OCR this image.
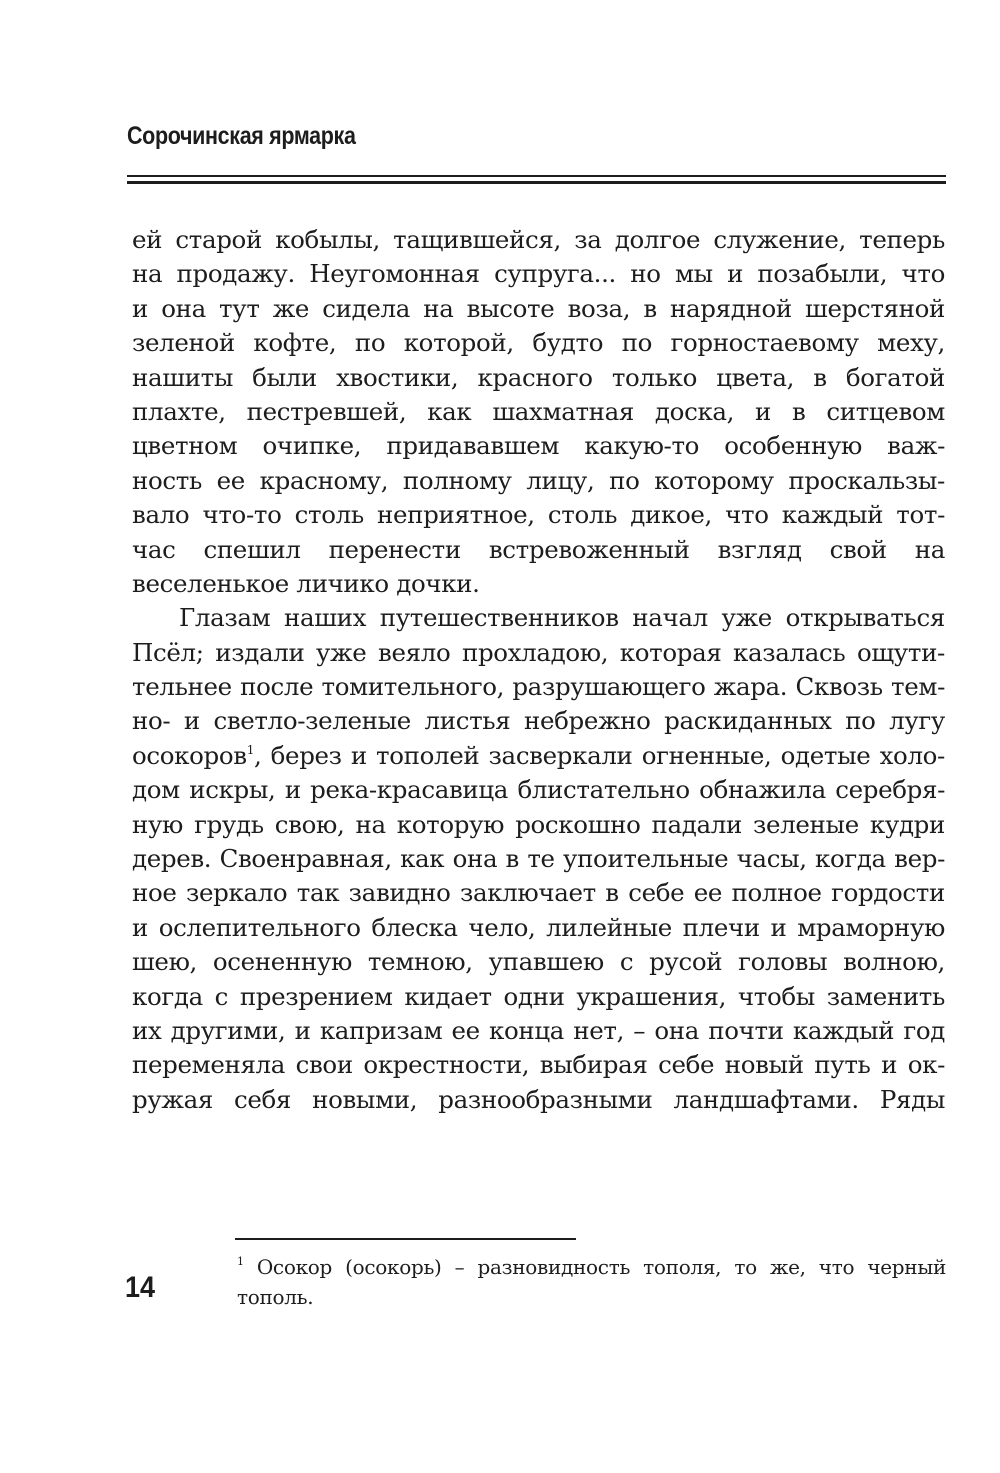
Сорочинская ярмарка
ей старой кобылы, тащившейся, за долгое служение, теперь
на продажу. Неугомонная супруга... но мы и позабыли, что
и она тут же сидела на высоте воза, в нарядной шерстяной
зеленой кофте, по которой, будто по горностаевому меху,
нашиты были хвостики, красного только цвета, в богатой
плахте, пестревшей, как шахматная доска, и в ситцевом
цветном очипке, придававшем какую-то особенную важ-
ность ее красному, полному лицу, по которому проскальзы-
вало что-то столь неприятное, столь дикое, что каждый тот-
час спешил перенести встревоженный взгляд свой на
веселенькое личико дочки.
Глазам наших путешественников начал уже открываться
Псёл; издали уже веяло прохладою, которая казалась ощути-
тельнее после томительного, разрушающего жара. Сквозь тем-
но- и светло-зеленые листья небрежно раскиданных по лугу
осокоров$^1$, берез и тополей засверкали огненные, одетые холо-
дом искры, и река-красавица блистательно обнажила серебря-
ную грудь свою, на которую роскошно падали зеленые кудри
дерев. Своенравная, как она в те упоительные часы, когда вер-
ное зеркало так завидно заключает в себе ее полное гордости
и ослепительного блеска чело, лилейные плечи и мраморную
шею, осененную темною, упавшею с русой головы волною,
когда с презрением кидает одни украшения, чтобы заменить
их другими, и капризам ее конца нет, – она почти каждый год
переменяла свои окрестности, выбирая себе новый путь и ок-
ружая себя новыми, разнообразными ландшафтами. Ряды
$^1$ Осокор (осокорь) – разновидность тополя, то же, что черный
тополь.
14
